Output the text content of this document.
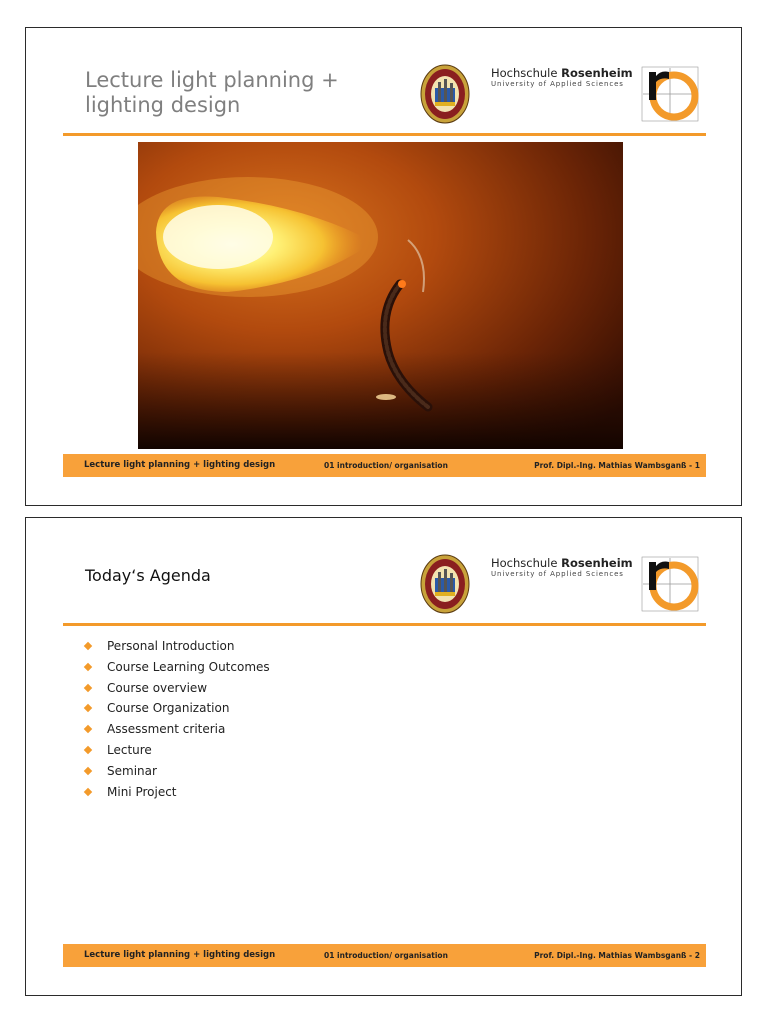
Lecture light planning +
lighting design
Hochschule Rosenheim
University of Applied Sciences
Lecture light planning + lighting design	01 introduction/ organisation	Prof. Dipl.-Ing. Mathias Wambsganß - 1
Today‘s Agenda
Hochschule Rosenheim
University of Applied Sciences
Personal Introduction
Course Learning Outcomes
Course overview
Course Organization
Assessment criteria
Lecture
Seminar
Mini Project
Lecture light planning + lighting design	01 introduction/ organisation	Prof. Dipl.-Ing. Mathias Wambsganß - 2
